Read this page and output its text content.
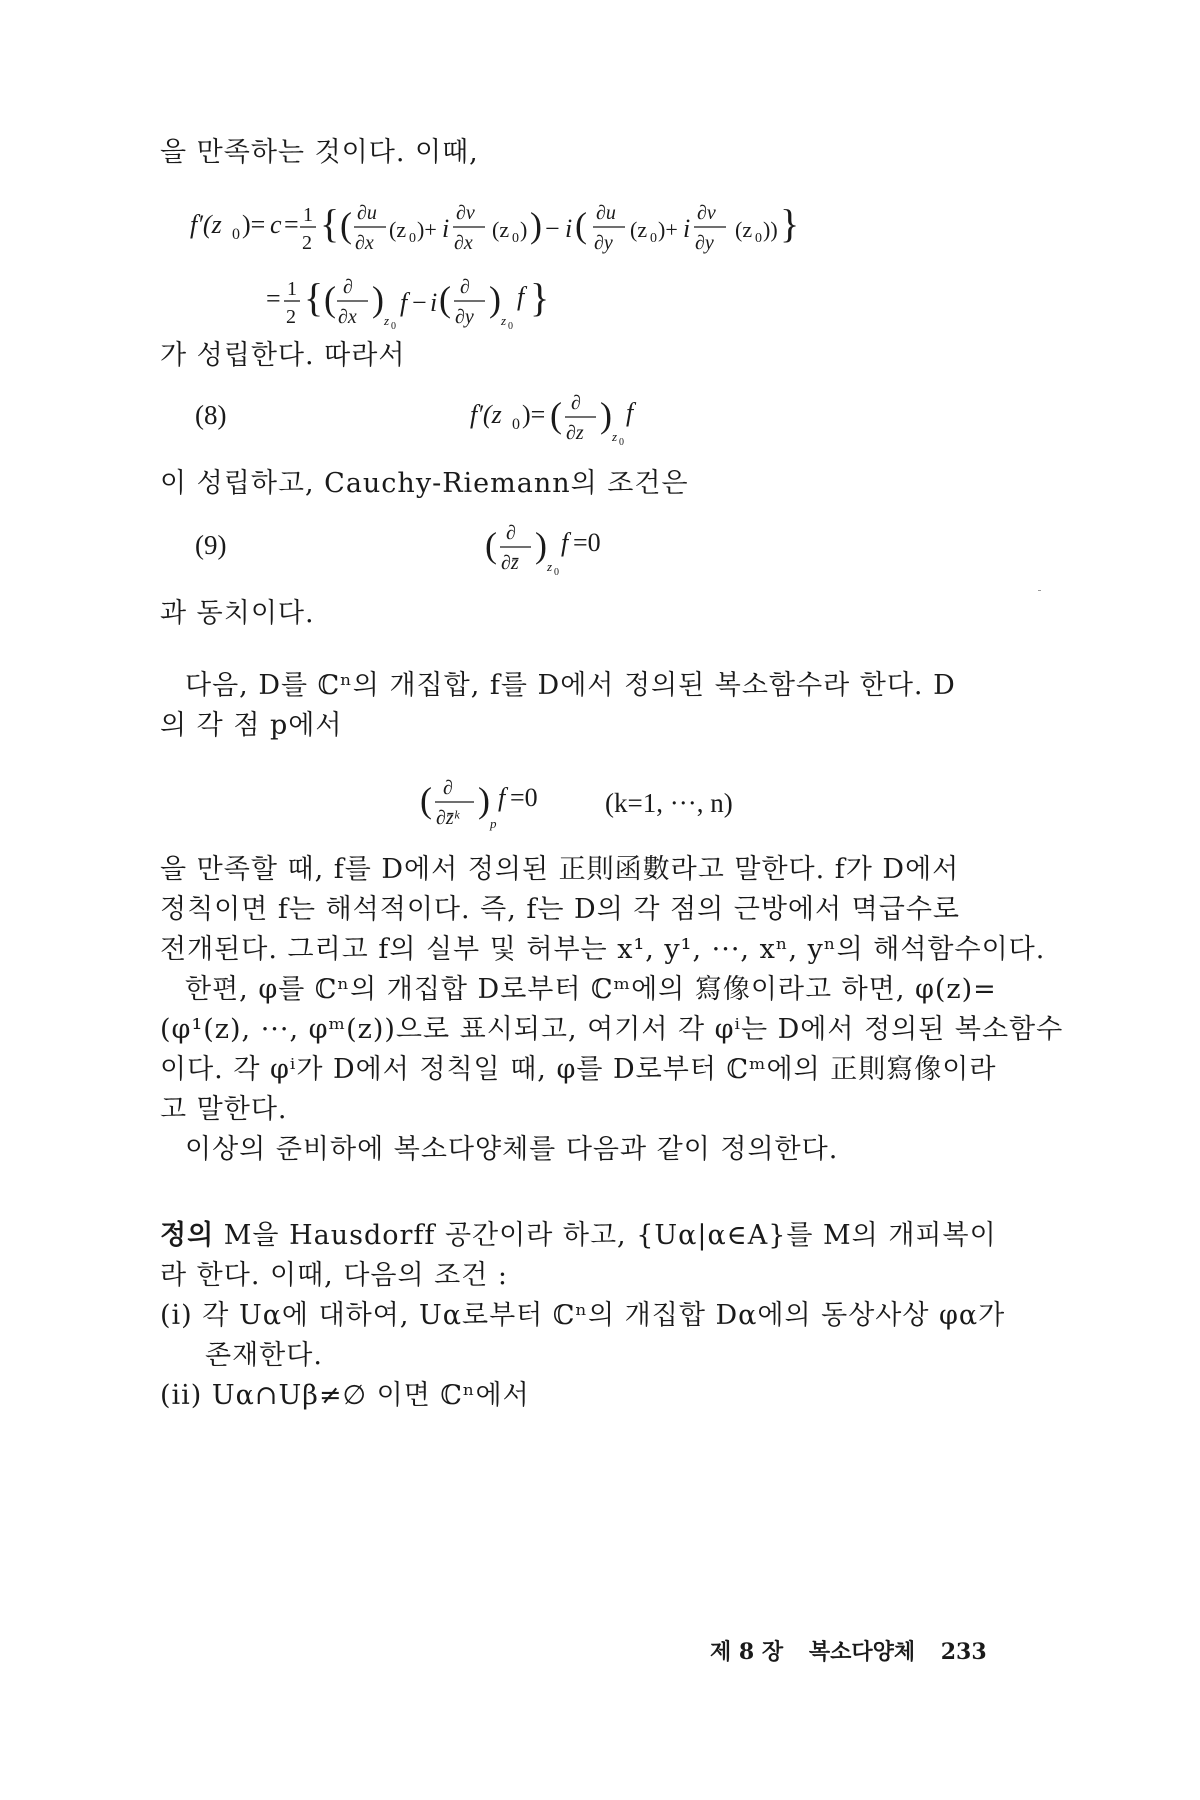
을 만족하는 것이다. 이때,
f′(z 0 )= c = 1
2 { ( ∂u
∂x
(z 0 )+ i
∂v
∂x
(z 0 ) ) − i ( ∂u
∂y
(z 0 )+ i
∂v
∂y
(z 0 )) }
= 1
2 { ( ∂
∂x )
z 0
f − i ( ∂
∂y )
z 0
f }
가 성립한다. 따라서
(8)	f′(z 0 )= ( ∂
∂z )
z 0
f
이 성립하고, Cauchy-Riemann의 조건은
(9)	( ∂
∂z̄ )
z 0
f =0
과 동치이다.
다음, D를 ℂⁿ의 개집합, f를 D에서 정의된 복소함수라 한다. D
의 각 점 p에서
( ∂
∂z̄ᵏ )
p
f =0 (k=1, ···, n)
을 만족할 때, f를 D에서 정의된 正則函數라고 말한다. f가 D에서
정칙이면 f는 해석적이다. 즉, f는 D의 각 점의 근방에서 멱급수로
전개된다. 그리고 f의 실부 및 허부는 x¹, y¹, ···, xⁿ, yⁿ의 해석함수이다.
한편, φ를 ℂⁿ의 개집합 D로부터 ℂᵐ에의 寫像이라고 하면, φ(z)=
(φ¹(z), ···, φᵐ(z))으로 표시되고, 여기서 각 φⁱ는 D에서 정의된 복소함수
이다. 각 φⁱ가 D에서 정칙일 때, φ를 D로부터 ℂᵐ에의 正則寫像이라
고 말한다.
이상의 준비하에 복소다양체를 다음과 같이 정의한다.
정의 M을 Hausdorff 공간이라 하고, {Uα|α∈A}를 M의 개피복이
라 한다. 이때, 다음의 조건 :
(i) 각 Uα에 대하여, Uα로부터 ℂⁿ의 개집합 Dα에의 동상사상 φα가
존재한다.
(ii) Uα∩Uβ≠∅ 이면 ℂⁿ에서
제 8 장 복소다양체 233
